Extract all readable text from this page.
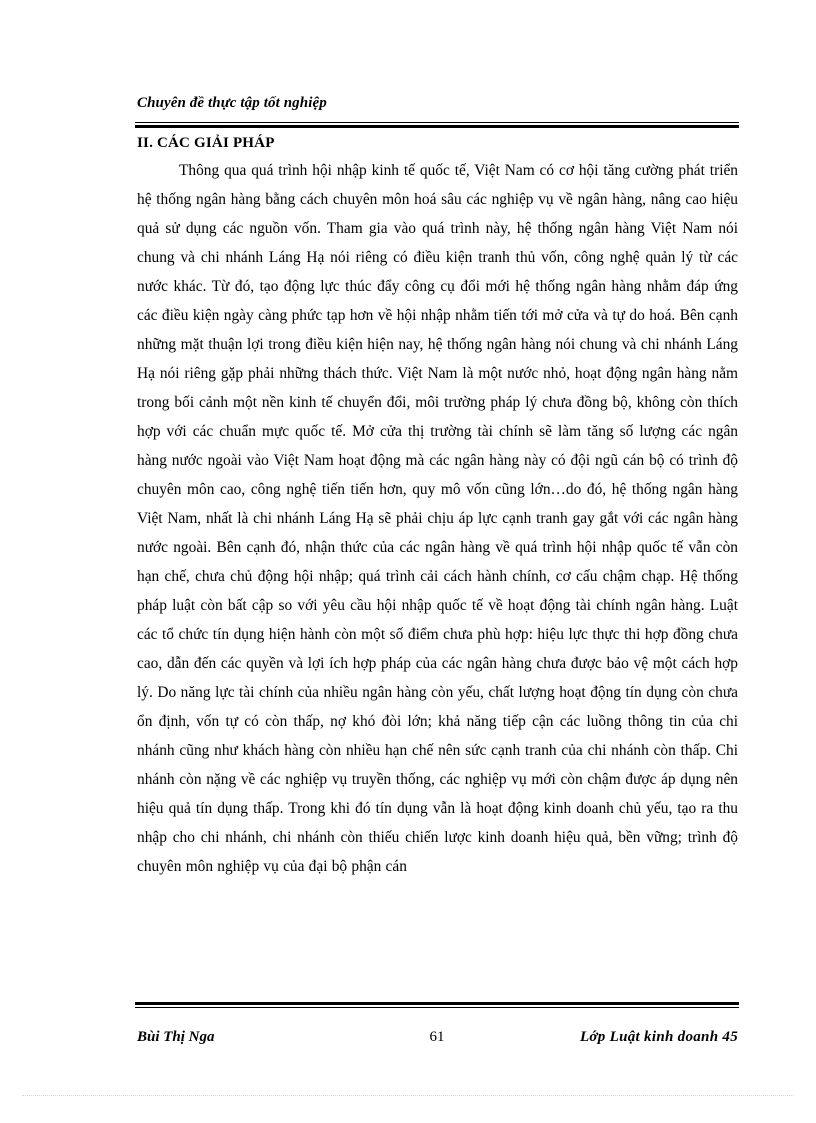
Chuyên đề thực tập tốt nghiệp
II. CÁC GIẢI PHÁP

Thông qua quá trình hội nhập kinh tế quốc tế, Việt Nam có cơ hội tăng cường phát triển hệ thống ngân hàng bằng cách chuyên môn hoá sâu các nghiệp vụ về ngân hàng, nâng cao hiệu quả sử dụng các nguồn vốn. Tham gia vào quá trình này, hệ thống ngân hàng Việt Nam nói chung và chi nhánh Láng Hạ nói riêng có điều kiện tranh thủ vốn, công nghệ quản lý từ các nước khác. Từ đó, tạo động lực thúc đẩy công cụ đổi mới hệ thống ngân hàng nhằm đáp ứng các điều kiện ngày càng phức tạp hơn về hội nhập nhằm tiến tới mở cửa và tự do hoá. Bên cạnh những mặt thuận lợi trong điều kiện hiện nay, hệ thống ngân hàng nói chung và chi nhánh Láng Hạ nói riêng gặp phải những thách thức. Việt Nam là một nước nhỏ, hoạt động ngân hàng nằm trong bối cảnh một nền kinh tế chuyển đổi, môi trường pháp lý chưa đồng bộ, không còn thích hợp với các chuẩn mực quốc tế. Mở cửa thị trường tài chính sẽ làm tăng số lượng các ngân hàng nước ngoài vào Việt Nam hoạt động mà các ngân hàng này có đội ngũ cán bộ có trình độ chuyên môn cao, công nghệ tiến tiến hơn, quy mô vốn cũng lớn…do đó, hệ thống ngân hàng Việt Nam, nhất là chi nhánh Láng Hạ sẽ phải chịu áp lực cạnh tranh gay gắt với các ngân hàng nước ngoài. Bên cạnh đó, nhận thức của các ngân hàng về quá trình hội nhập quốc tế vẫn còn hạn chế, chưa chủ động hội nhập; quá trình cải cách hành chính, cơ cấu chậm chạp. Hệ thống pháp luật còn bất cập so với yêu cầu hội nhập quốc tế về hoạt động tài chính ngân hàng. Luật các tổ chức tín dụng hiện hành còn một số điểm chưa phù hợp: hiệu lực thực thi hợp đồng chưa cao, dẫn đến các quyền và lợi ích hợp pháp của các ngân hàng chưa được bảo vệ một cách hợp lý. Do năng lực tài chính của nhiều ngân hàng còn yếu, chất lượng hoạt động tín dụng còn chưa ổn định, vốn tự có còn thấp, nợ khó đòi lớn; khả năng tiếp cận các luồng thông tin của chi nhánh cũng như khách hàng còn nhiều hạn chế nên sức cạnh tranh của chi nhánh còn thấp. Chi nhánh còn nặng về các nghiệp vụ truyền thống, các nghiệp vụ mới còn chậm được áp dụng nên hiệu quả tín dụng thấp. Trong khi đó tín dụng vẫn là hoạt động kinh doanh chủ yếu, tạo ra thu nhập cho chi nhánh, chi nhánh còn thiếu chiến lược kinh doanh hiệu quả, bền vững; trình độ chuyên môn nghiệp vụ của đại bộ phận cán

Bùi Thị Nga	61	Lớp Luật kinh doanh 45
